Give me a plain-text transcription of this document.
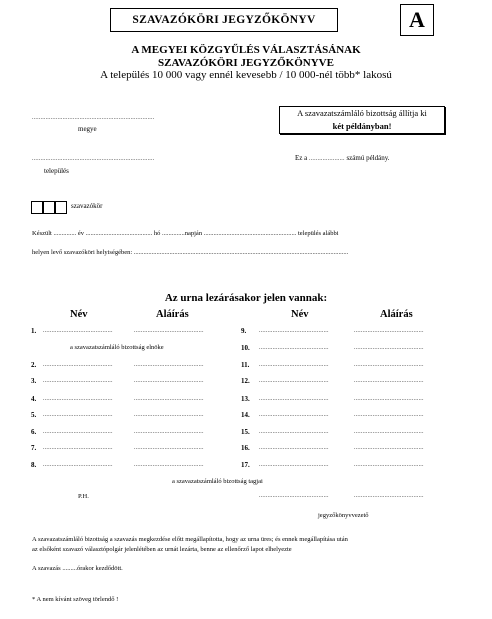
SZAVAZÓKÖRI JEGYZŐKÖNYV	A
A MEGYEI KÖZGYŰLÉS VÁLASZTÁSÁNAK
SZAVAZÓKÖRI JEGYZŐKÖNYVE
A település 10 000 vagy ennél kevesebb / 10 000-nél több* lakosú
A szavazatszámláló bizottság állítja ki
két példányban!
........................................................................
megye
........................................................................
település
Ez a ..................... számú példány.
szavazókör
Készült .............. év ......................................... hó ..............napján ......................................................... település alábbi
helyen levő szavazóköri helyiségében: ....................................................................................................................................
Az urna lezárásakor jelen vannak:
Név	Aláírás	Név	Aláírás
1. .........................................	.........................................
2. .........................................	.........................................
3. .........................................	.........................................
4. .........................................	.........................................
5. .........................................	.........................................
6. .........................................	.........................................
7. .........................................	.........................................
8. .........................................	.........................................
9. .........................................	.........................................
10. .........................................	.........................................
11. .........................................	.........................................
12. .........................................	.........................................
13. .........................................	.........................................
14. .........................................	.........................................
15. .........................................	.........................................
16. .........................................	.........................................
17. .........................................	.........................................
a szavazatszámláló bizottság elnöke
a szavazatszámláló bizottság tagjai
P.H.	.........................................	.........................................
jegyzőkönyvvezető
A szavazatszámláló bizottság a szavazás megkezdése előtt megállapította, hogy az urna üres; és ennek megállapítása után
az elsőként szavazó választópolgár jelenlétében az urnát lezárta, benne az ellenőrző lapot elhelyezte
A szavazás .........órakor kezdődött.
* A nem kívánt szöveg törlendő !
